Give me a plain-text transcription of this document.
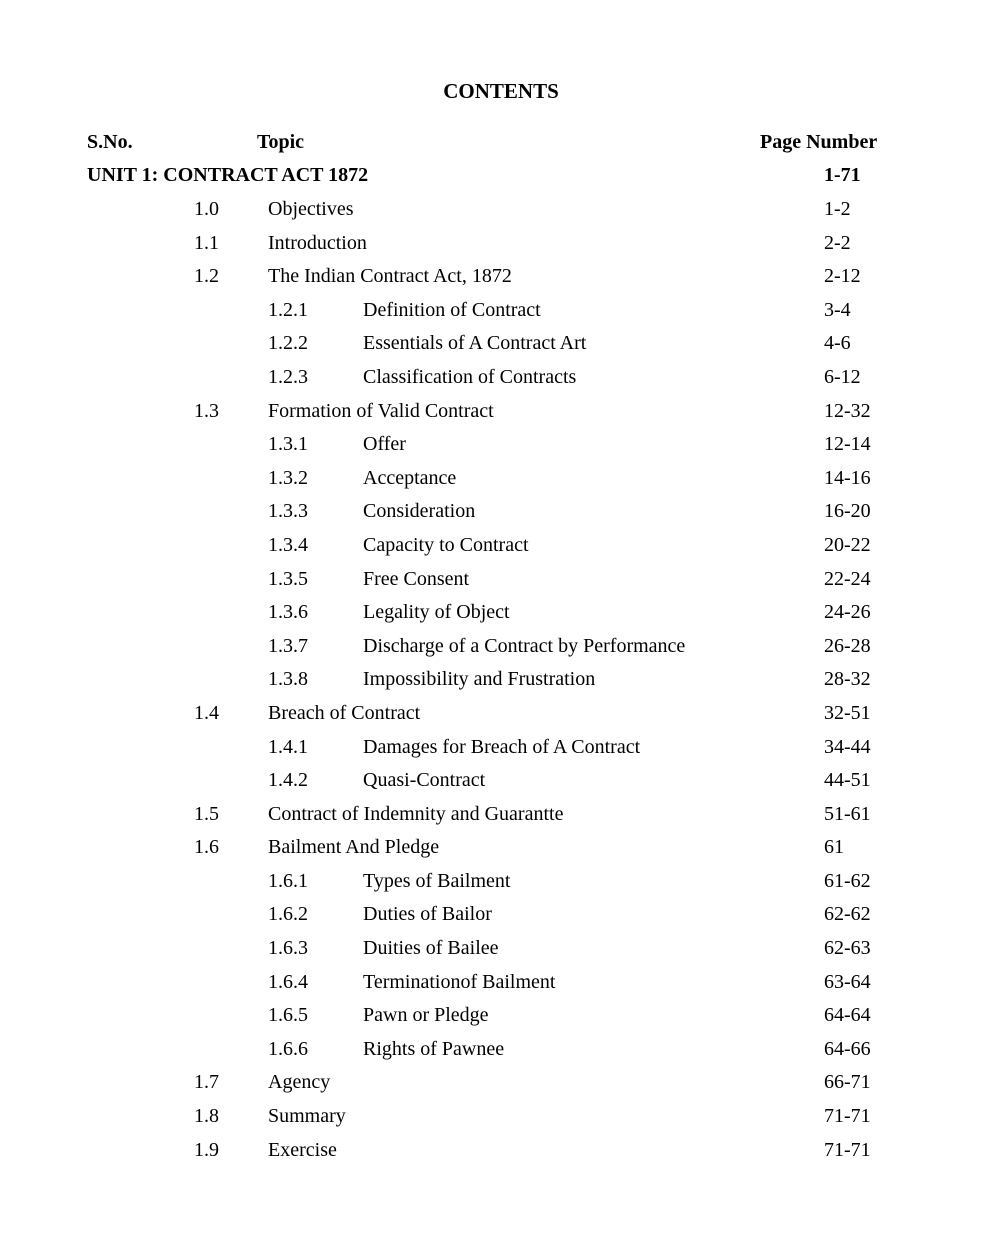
CONTENTS
S.No.	Topic	Page Number
UNIT 1: CONTRACT ACT 1872	1-71
1.0 Objectives	1-2
1.1 Introduction	2-2
1.2 The Indian Contract Act, 1872	2-12
1.2.1	Definition of Contract	3-4
1.2.2	Essentials of A Contract Art	4-6
1.2.3	Classification of Contracts	6-12
1.3 Formation of Valid Contract	12-32
1.3.1	Offer	12-14
1.3.2	Acceptance	14-16
1.3.3	Consideration	16-20
1.3.4	Capacity to Contract	20-22
1.3.5	Free Consent	22-24
1.3.6	Legality of Object	24-26
1.3.7	Discharge of a Contract by Performance	26-28
1.3.8	Impossibility and Frustration	28-32
1.4 Breach of Contract	32-51
1.4.1	Damages for Breach of A Contract	34-44
1.4.2	Quasi-Contract	44-51
1.5 Contract of Indemnity and Guarantte	51-61
1.6 Bailment And Pledge	61
1.6.1	Types of Bailment	61-62
1.6.2	Duties of Bailor	62-62
1.6.3	Duities of Bailee	62-63
1.6.4	Terminationof Bailment	63-64
1.6.5	Pawn or Pledge	64-64
1.6.6	Rights of Pawnee	64-66
1.7 Agency	66-71
1.8 Summary	71-71
1.9 Exercise	71-71
